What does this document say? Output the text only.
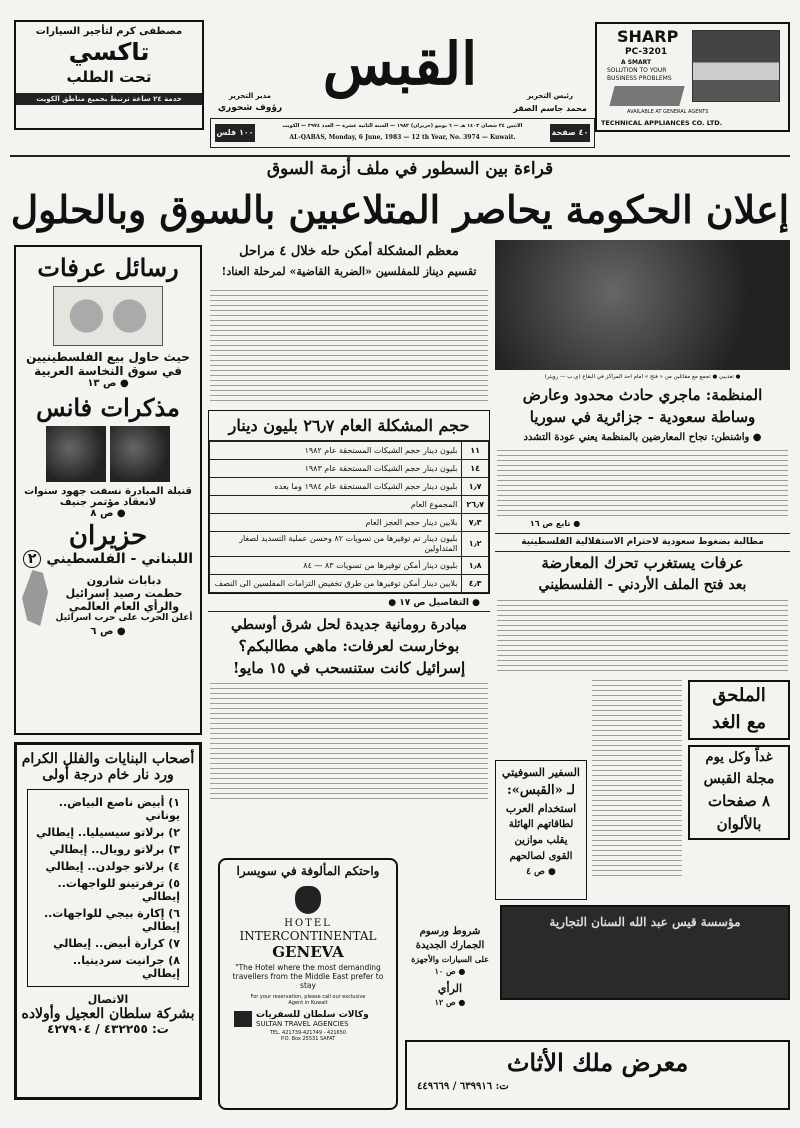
مصطفى كرم لتأجير السيارات
تاكسي
تحت الطلب
خدمة ٢٤ ساعة ترتبط بجميع مناطق الكويت
القبس	رئيس التحرير
محمد جاسم الصقر
مدير التحرير
رؤوف شحوري
١٠٠ فلس
الاثنين ٢٤ شعبان ١٤٠٣ هـ — ٦ يونيو (حزيران) ١٩٨٣ — السنة الثانية عشرة — العدد ٣٩٧٤ — الكويت
AL-QABAS, Monday, 6 June, 1983 — 12 th Year, No. 3974 — Kuwait.
٤٠ صفحة
SHARP
PC-3201
A SMART
SOLUTION TO YOUR
BUSINESS PROBLEMS
AVAILABLE AT GENERAL AGENTS
TECHNICAL APPLIANCES CO. LTD.
قراءة بين السطور في ملف أزمة السوق
إعلان الحكومة يحاصر المتلاعبين بالسوق وبالحلول
رسائل عرفات
حيث حاول بيع الفلسطينيين
في سوق النخاسة العربية
● ص ١٣
مذكرات فانس
قنبلة المبادرة نسفت جهود سنوات
لانعقاد مؤتمر جنيف
● ص ٨
حزيران
اللبناني - الفلسطيني ٢
دبابات شارون
حطمت رصيد إسرائيل
والرأي العام العالمي
أعلن الحرب على حرب اسرائيل
● ص ٦
أصحاب البنايات والفلل الكرام
ورد نار خام درجة أولى
١) أبيض ناصع البياض.. يوناني
٢) برلاتو سيسيليا.. إيطالي
٣) برلاتو رويال.. إيطالي
٤) برلاتو جولدن.. إيطالي
٥) ترفرتينو للواجهات.. إيطالي
٦) إكارة بيجي للواجهات.. إيطالي
٧) كرارة أبيض.. إيطالي
٨) جرانيت سردينيا.. إيطالي
الاتصال
بشركة سلطان العجيل وأولاده
ت: ٤٣٢٢٥٥ / ٤٢٧٩٠٤
معظم المشكلة أمكن حله خلال ٤ مراحل
تقسيم ديناز للمفلسين «الضربة القاضية» لمرحلة العناد!
حجم المشكلة العام ٢٦٫٧ بليون دينار
١١	بليون دينار حجم الشيكات المستحقة عام ١٩٨٢
١٤	بليون دينار حجم الشيكات المستحقة عام ١٩٨٣
١٫٧	بليون دينار حجم الشيكات المستحقة عام ١٩٨٤ وما بعده
٢٦٫٧	المجموع العام
٧٫٣	بلايين دينار حجم العجز العام
١٫٢	بليون دينار تم توفيرها من تسويات ٨٢ وحسن عملية التسديد لصغار المتداولين
١٫٨	بليون دينار أمكن توفيرها من تسويات ٨٣ — ٨٤
٤٫٣	بلايين دينار أمكن توفيرها من طرق تخفيض التزامات المفلسين الى النصف
● التفاصيل ص ١٧ ●
مبادرة رومانية جديدة لحل شرق أوسطي
بوخارست لعرفات: ماهي مطالبكم؟
إسرائيل كانت ستنسحب في ١٥ مايو!
واحتكم المألوفة في سويسرا
HOTEL
INTERCONTINENTAL
GENEVA
"The Hotel where the most demanding travellers from the Middle East prefer to stay
For your reservation, please call our exclusive Agent in Kuwait
وكالات سلطان للسفريات
SULTAN TRAVEL AGENCIES
TEL. 421739-421749 - 421650
P.O. Box 25531 SAFAT
● تعذيبي ● تجمع مع مقاتلين من « فتح » امام احد المراكز في البقاع (ي.ب — رويتر)
المنظمة: ماجري حادث محدود وعارض
وساطة سعودية - جزائرية في سوريا
● واشنطن: نجاح المعارضين بالمنظمة يعني عودة التشدد
● تابع ص ١٦
مطالبة بضغوط سعودية لاحترام الاستقلالية الفلسطينية
عرفات يستغرب تحرك المعارضة
بعد فتح الملف الأردني - الفلسطيني
الملحق
مع الغد
غداً وكل يوم
مجلة القبس
٨ صفحات
بالألوان
السفير السوفيتي
لـ «القبس»:
استخدام العرب
لطاقاتهم الهائلة
يقلب موازين
القوى لصالحهم
● ص ٤
شروط ورسوم
الجمارك الجديدة
على السيارات والأجهزة
● ص ١٠
الرأي
● ص ١٢
مؤسسة قيس عبد الله السنان التجارية
معرض ملك الأثاث
ت: ٦٣٩٩١٦ / ٤٤٩٦٦٩
